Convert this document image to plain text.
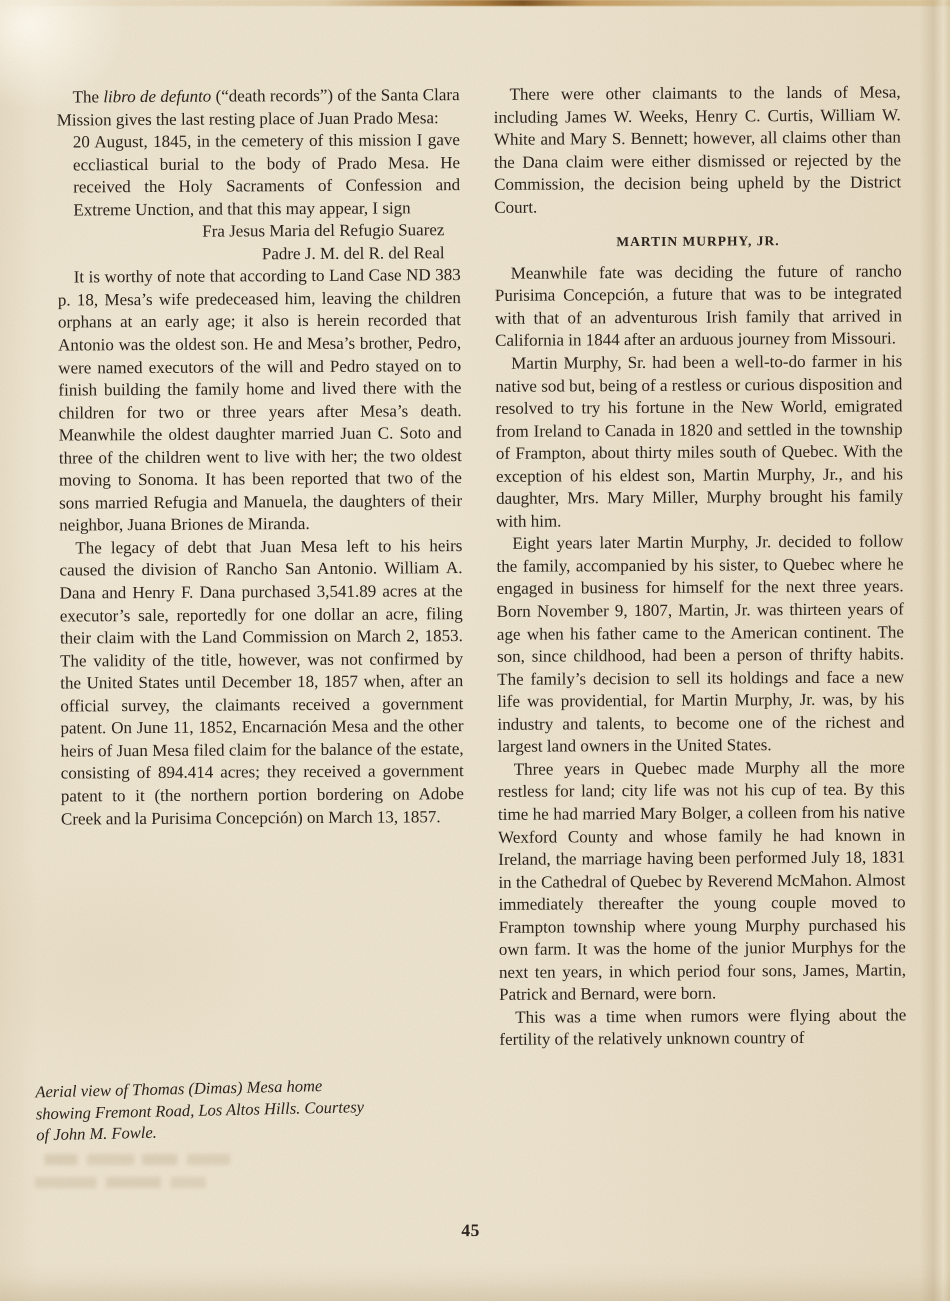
The libro de defunto (“death records”) of the Santa Clara Mission gives the last resting place of Juan Prado Mesa:
20 August, 1845, in the cemetery of this mission I gave eccliastical burial to the body of Prado Mesa. He received the Holy Sacraments of Confession and Extreme Unction, and that this may appear, I sign
Fra Jesus Maria del Refugio Suarez
Padre J. M. del R. del Real
It is worthy of note that according to Land Case ND 383 p. 18, Mesa’s wife predeceased him, leaving the children orphans at an early age; it also is herein recorded that Antonio was the oldest son. He and Mesa’s brother, Pedro, were named executors of the will and Pedro stayed on to finish building the family home and lived there with the children for two or three years after Mesa’s death. Meanwhile the oldest daughter married Juan C. Soto and three of the children went to live with her; the two oldest moving to Sonoma. It has been reported that two of the sons married Refugia and Manuela, the daughters of their neighbor, Juana Briones de Miranda.
The legacy of debt that Juan Mesa left to his heirs caused the division of Rancho San Antonio. William A. Dana and Henry F. Dana purchased 3,541.89 acres at the executor’s sale, reportedly for one dollar an acre, filing their claim with the Land Commission on March 2, 1853. The validity of the title, however, was not confirmed by the United States until December 18, 1857 when, after an official survey, the claimants received a government patent. On June 11, 1852, Encarnación Mesa and the other heirs of Juan Mesa filed claim for the balance of the estate, consisting of 894.414 acres; they received a government patent to it (the northern portion bordering on Adobe Creek and la Purisima Concepción) on March 13, 1857.
There were other claimants to the lands of Mesa, including James W. Weeks, Henry C. Curtis, William W. White and Mary S. Bennett; however, all claims other than the Dana claim were either dismissed or rejected by the Commission, the decision being upheld by the District Court.
MARTIN MURPHY, JR.
Meanwhile fate was deciding the future of rancho Purisima Concepción, a future that was to be integrated with that of an adventurous Irish family that arrived in California in 1844 after an arduous journey from Missouri.
Martin Murphy, Sr. had been a well-to-do farmer in his native sod but, being of a restless or curious disposition and resolved to try his fortune in the New World, emigrated from Ireland to Canada in 1820 and settled in the township of Frampton, about thirty miles south of Quebec. With the exception of his eldest son, Martin Murphy, Jr., and his daughter, Mrs. Mary Miller, Murphy brought his family with him.
Eight years later Martin Murphy, Jr. decided to follow the family, accompanied by his sister, to Quebec where he engaged in business for himself for the next three years. Born November 9, 1807, Martin, Jr. was thirteen years of age when his father came to the American continent. The son, since childhood, had been a person of thrifty habits. The family’s decision to sell its holdings and face a new life was providential, for Martin Murphy, Jr. was, by his industry and talents, to become one of the richest and largest land owners in the United States.
Three years in Quebec made Murphy all the more restless for land; city life was not his cup of tea. By this time he had married Mary Bolger, a colleen from his native Wexford County and whose family he had known in Ireland, the marriage having been performed July 18, 1831 in the Cathedral of Quebec by Reverend McMahon. Almost immediately thereafter the young couple moved to Frampton township where young Murphy purchased his own farm. It was the home of the junior Murphys for the next ten years, in which period four sons, James, Martin, Patrick and Bernard, were born.
This was a time when rumors were flying about the fertility of the relatively unknown country of
Aerial view of Thomas (Dimas) Mesa home showing Fremont Road, Los Altos Hills. Courtesy of John M. Fowle.
45
